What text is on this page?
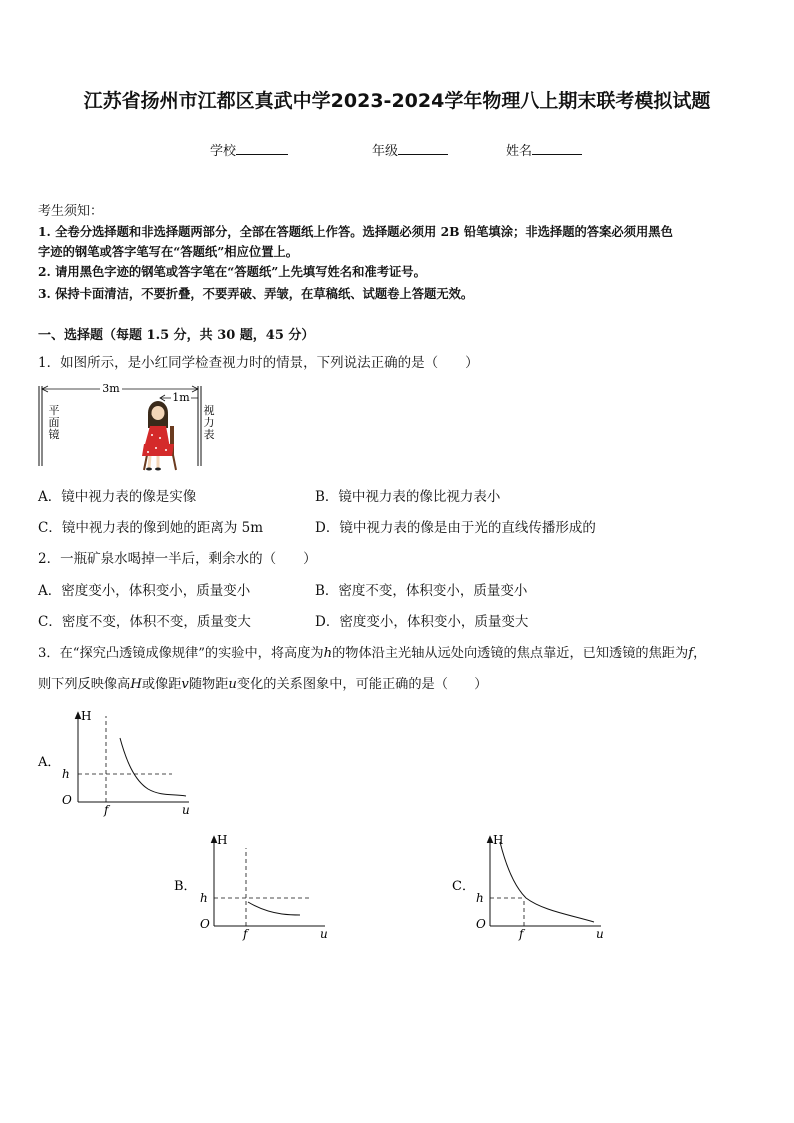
江苏省扬州市江都区真武中学2023-2024学年物理八上期末联考模拟试题
学校	年级	姓名
考生须知：
1. 全卷分选择题和非选择题两部分，全部在答题纸上作答。选择题必须用 2B 铅笔填涂；非选择题的答案必须用黑色
字迹的钢笔或答字笔写在“答题纸”相应位置上。
2. 请用黑色字迹的钢笔或答字笔在“答题纸”上先填写姓名和准考证号。
3. 保持卡面清洁，不要折叠，不要弄破、弄皱，在草稿纸、试题卷上答题无效。
一、选择题（每题 1.5 分，共 30 题，45 分）
1．如图所示，是小红同学检查视力时的情景，下列说法正确的是（　　）
3m
1m
平
面
镜
视
力
表
A．镜中视力表的像是实像	B．镜中视力表的像比视力表小
C．镜中视力表的像到她的距离为 5m	D．镜中视力表的像是由于光的直线传播形成的
2．一瓶矿泉水喝掉一半后，剩余水的（　　）
A．密度变小，体积变小，质量变小	B．密度不变，体积变小，质量变小
C．密度不变，体积不变，质量变大	D．密度变小，体积变小，质量变大
3．在“探究凸透镜成像规律”的实验中，将高度为h的物体沿主光轴从远处向透镜的焦点靠近，已知透镜的焦距为f，
则下列反映像高H或像距v随物距u变化的关系图象中，可能正确的是（　　）
A．
H
h
O
f	u
B．
H
h
O
f	u
C．
H
h
O
f	u
